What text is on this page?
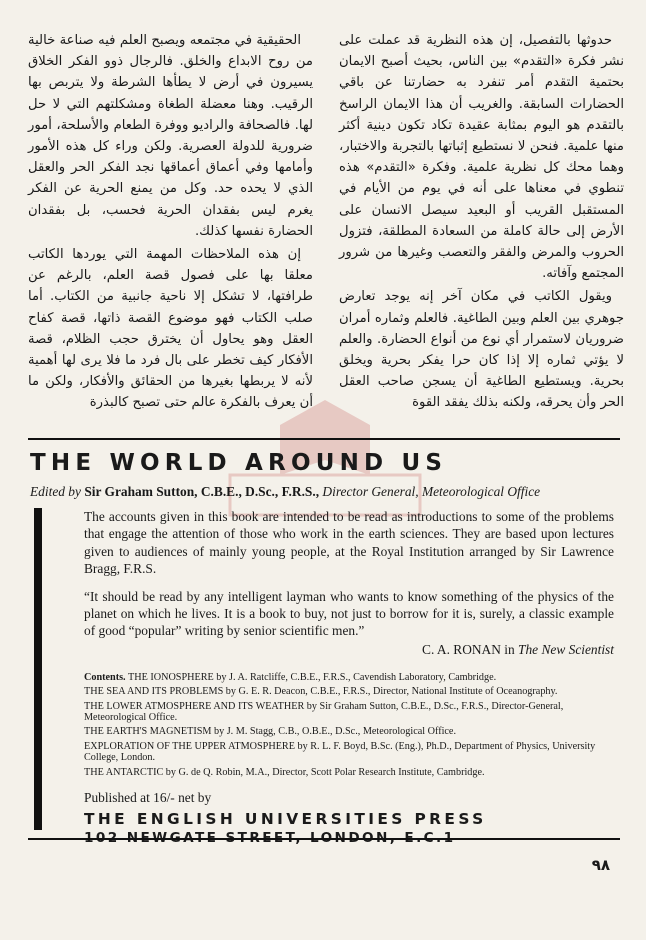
حدوثها بالتفصيل، إن هذه النظرية قد عملت على نشر فكرة «التقدم» بين الناس، بحيث أصبح الايمان بحتمية التقدم أمر تنفرد به حضارتنا عن باقي الحضارات السابقة. والغريب أن هذا الايمان الراسخ بالتقدم هو اليوم بمثابة عقيدة تكاد تكون دينية أكثر منها علمية. فنحن لا نستطيع إثباتها بالتجربة والاختبار، وهما محك كل نظرية علمية. وفكرة «التقدم» هذه تنطوي في معناها على أنه في يوم من الأيام في المستقبل القريب أو البعيد سيصل الانسان على الأرض إلى حالة كاملة من السعادة المطلقة، فتزول الحروب والمرض والفقر والتعصب وغيرها من شرور المجتمع وآفاته.

ويقول الكاتب في مكان آخر إنه يوجد تعارض جوهري بين العلم وبين الطاغية. فالعلم وثماره أمران ضروريان لاستمرار أي نوع من أنواع الحضارة. والعلم لا يؤتي ثماره إلا إذا كان حرا يفكر بحرية ويخلق بحرية. ويستطيع الطاغية أن يسجن صاحب العقل الحر وأن يحرقه، ولكنه بذلك يفقد القوة

الحقيقية في مجتمعه ويصبح العلم فيه صناعة خالية من روح الابداع والخلق. فالرجال ذوو الفكر الخلاق يسيرون في أرض لا يطأها الشرطة ولا يتربص بها الرقيب. وهنا معضلة الطغاة ومشكلتهم التي لا حل لها. فالصحافة والراديو ووفرة الطعام والأسلحة، أمور ضرورية للدولة العصرية. ولكن وراء كل هذه الأمور وأمامها وفي أعماق أعماقها نجد الفكر الحر والعقل الذي لا يحده حد. وكل من يمنع الحرية عن الفكر يغرم ليس بفقدان الحرية فحسب، بل بفقدان الحضارة نفسها كذلك.

إن هذه الملاحظات المهمة التي يوردها الكاتب معلقا بها على فصول قصة العلم، بالرغم عن طرافتها، لا تشكل إلا ناحية جانبية من الكتاب. أما صلب الكتاب فهو موضوع القصة ذاتها، قصة كفاح العقل وهو يحاول أن يخترق حجب الظلام، قصة الأفكار كيف تخطر على بال فرد ما فلا يرى لها أهمية لأنه لا يربطها بغيرها من الحقائق والأفكار، ولكن ما أن يعرف بالفكرة عالم حتى تصبح كالبذرة

THE WORLD AROUND US
Edited by Sir Graham Sutton, C.B.E., D.Sc., F.R.S., Director General, Meteorological Office

The accounts given in this book are intended to be read as introductions to some of the problems that engage the attention of those who work in the earth sciences. They are based upon lectures given to audiences of mainly young people, at the Royal Institution arranged by Sir Lawrence Bragg, F.R.S.

“It should be read by any intelligent layman who wants to know something of the physics of the planet on which he lives. It is a book to buy, not just to borrow for it is, surely, a classic example of good “popular” writing by senior scientific men.”

C. A. RONAN in The New Scientist

Contents. THE IONOSPHERE by J. A. Ratcliffe, C.B.E., F.R.S., Cavendish Laboratory, Cambridge.
THE SEA AND ITS PROBLEMS by G. E. R. Deacon, C.B.E., F.R.S., Director, National Institute of Oceanography.
THE LOWER ATMOSPHERE AND ITS WEATHER by Sir Graham Sutton, C.B.E., D.Sc., F.R.S., Director-General, Meteorological Office.
THE EARTH'S MAGNETISM by J. M. Stagg, C.B., O.B.E., D.Sc., Meteorological Office.
EXPLORATION OF THE UPPER ATMOSPHERE by R. L. F. Boyd, B.Sc. (Eng.), Ph.D., Department of Physics, University College, London.
THE ANTARCTIC by G. de Q. Robin, M.A., Director, Scott Polar Research Institute, Cambridge.
Published at 16/- net by
THE ENGLISH UNIVERSITIES PRESS
102 NEWGATE STREET, LONDON, E.C.1
٩٨
